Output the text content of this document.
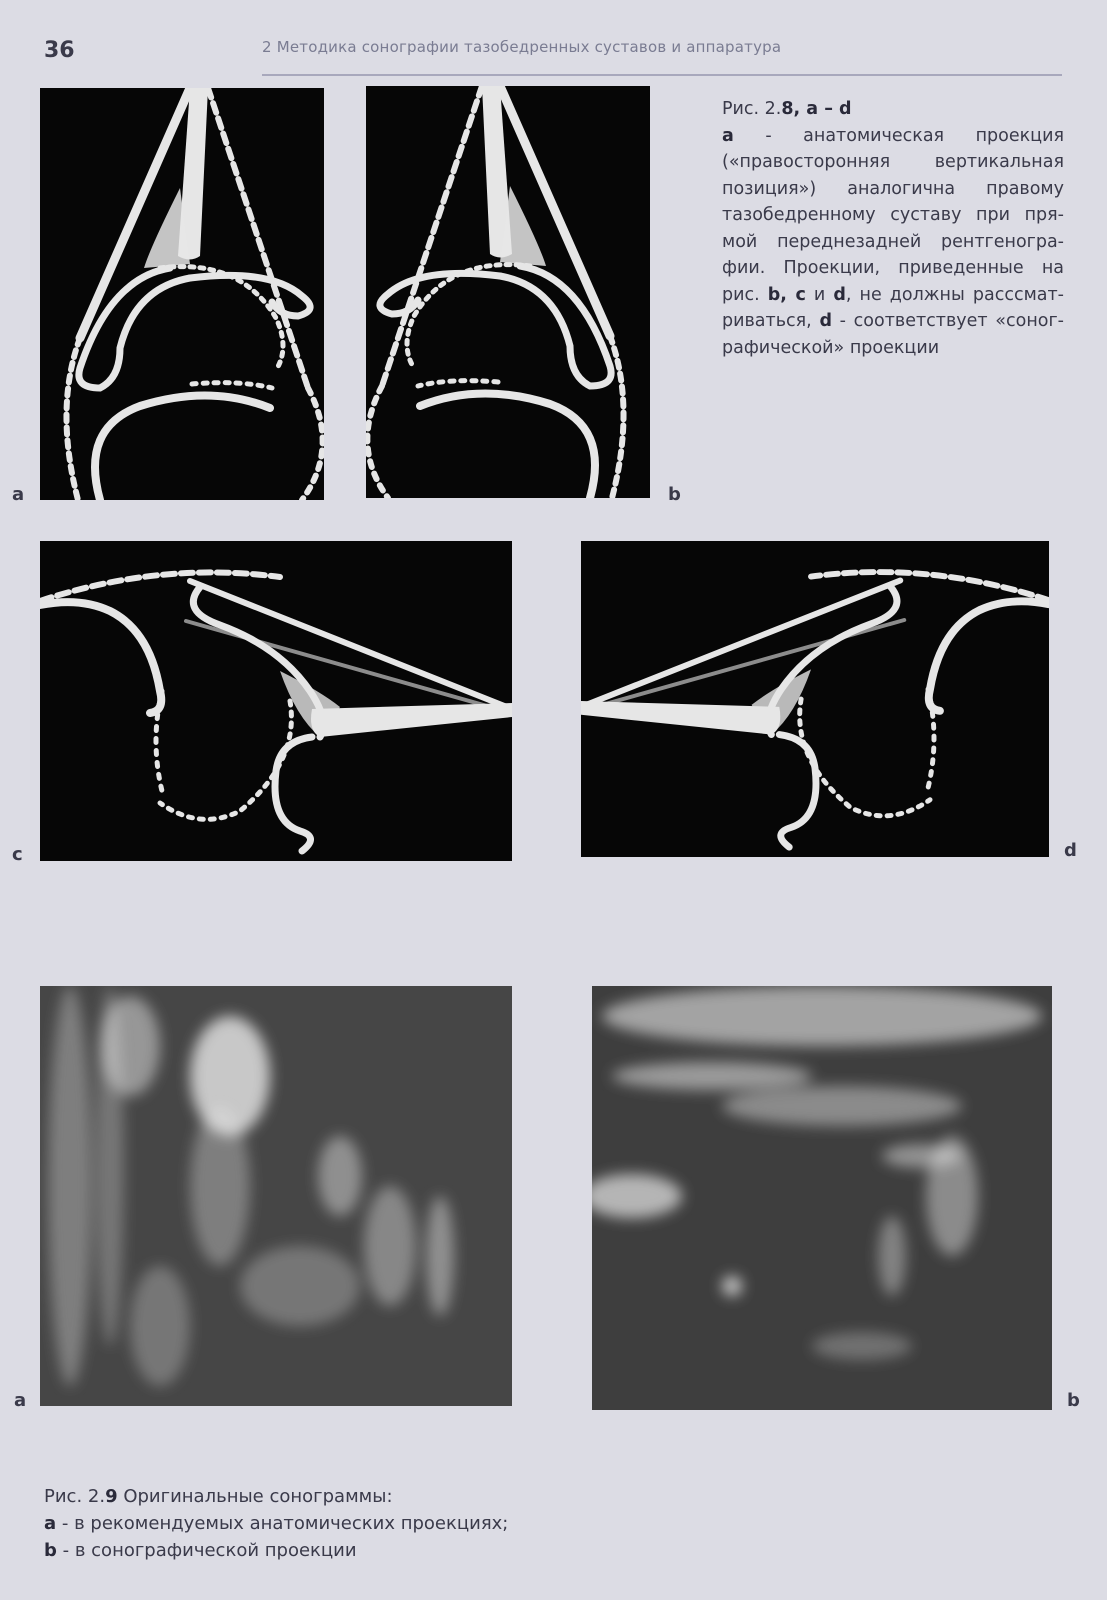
36	2 Методика сонографии тазобедренных суставов и аппаратура
a	b
c	d
Рис. 2.8, a – d
a - анатомическая проекция
(«правосторонняя вертикальная
позиция») аналогична правому
тазобедренному суставу при пря-
мой переднезадней рентгеногра-
фии. Проекции, приведенные на
рис. b, c и d, не должны расссмат-
риваться, d - соответствует «соног-
рафической» проекции
a	b
Рис. 2.9 Оригинальные сонограммы:
a - в рекомендуемых анатомических проекциях;
b - в сонографической проекции
